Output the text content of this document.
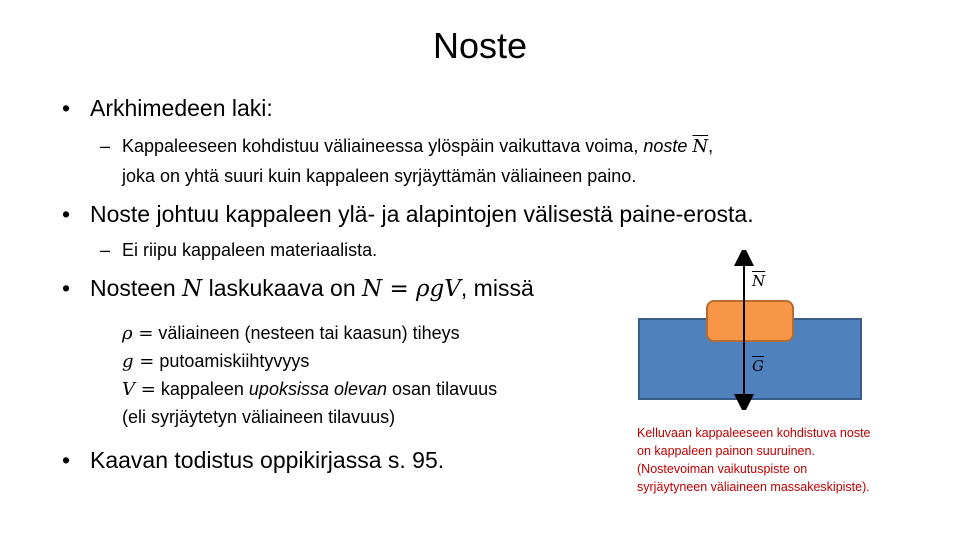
Noste
• Arkhimedeen laki:
– Kappaleeseen kohdistuu väliaineessa ylöspäin vaikuttava voima, noste $\overline{N}$,
joka on yhtä suuri kuin kappaleen syrjäyttämän väliaineen paino.
• Noste johtuu kappaleen ylä- ja alapintojen välisestä paine-erosta.
– Ei riipu kappaleen materiaalista.
• Nosteen N laskukaava on N = ρgV, missä
ρ = väliaineen (nesteen tai kaasun) tiheys
g = putoamiskiihtyvyys
V = kappaleen upoksissa olevan osan tilavuus
(eli syrjäytetyn väliaineen tilavuus)
• Kaavan todistus oppikirjassa s. 95.
$\overline{N}$
$\overline{G}$
Kelluvaan kappaleeseen kohdistuva noste
on kappaleen painon suuruinen.
(Nostevoiman vaikutuspiste on
syrjäytyneen väliaineen massakeskipiste).
